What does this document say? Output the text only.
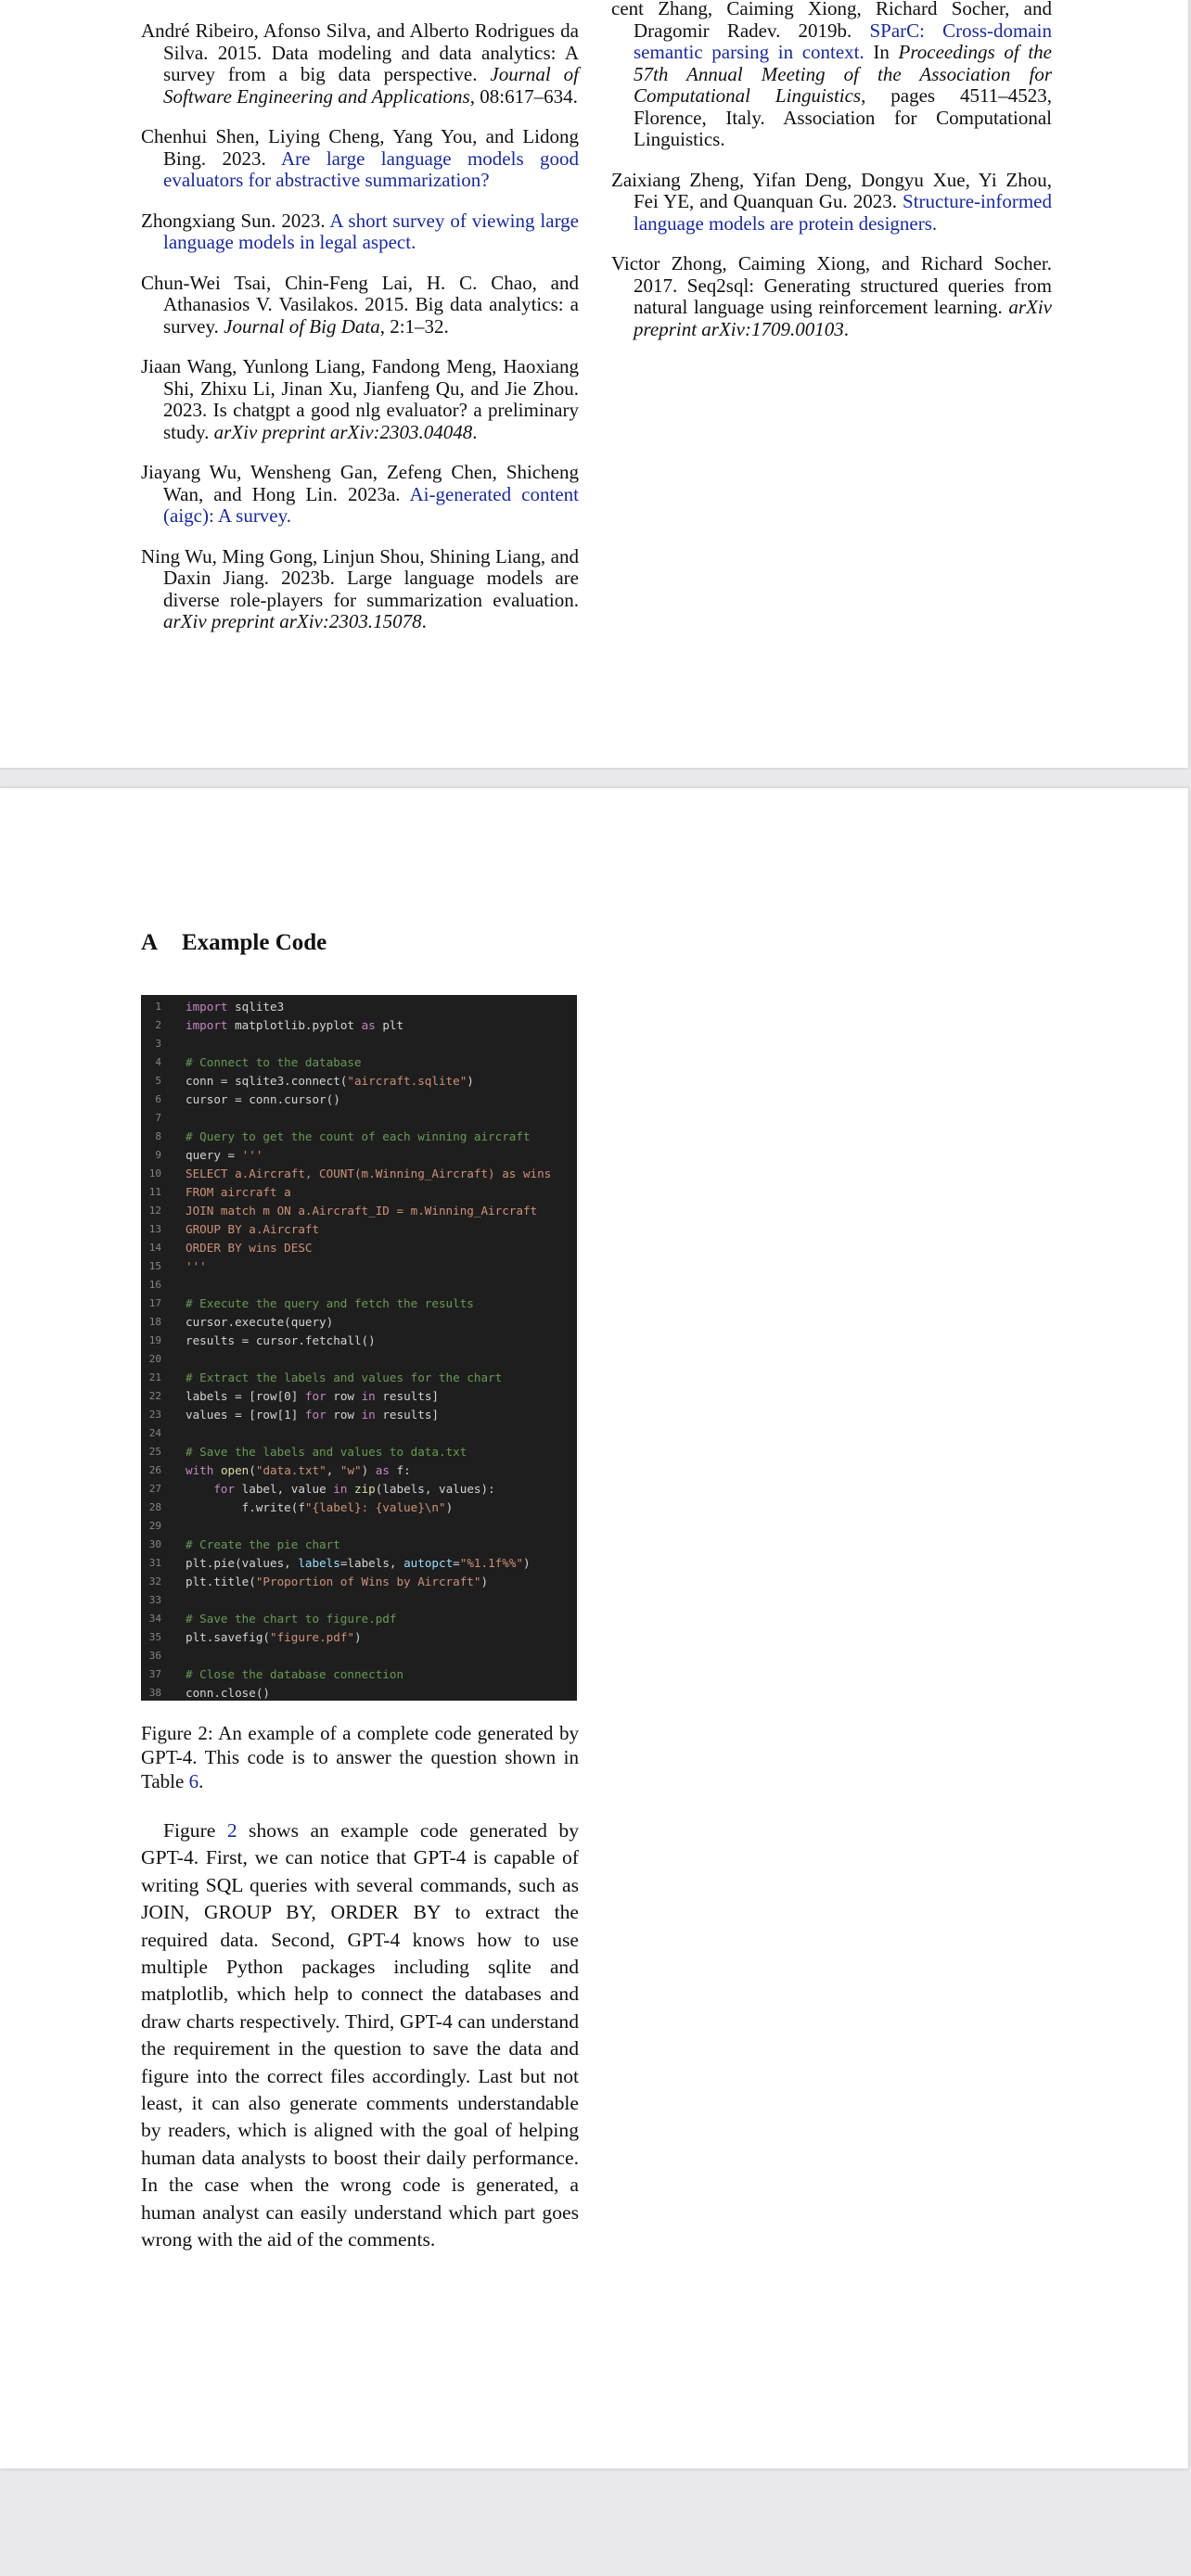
André Ribeiro, Afonso Silva, and Alberto Rodrigues da Silva. 2015. Data modeling and data analytics: A survey from a big data perspective. Journal of Software Engineering and Applications, 08:617–634.

Chenhui Shen, Liying Cheng, Yang You, and Lidong Bing. 2023. Are large language models good evaluators for abstractive summarization?

Zhongxiang Sun. 2023. A short survey of viewing large language models in legal aspect.

Chun-Wei Tsai, Chin-Feng Lai, H. C. Chao, and Athanasios V. Vasilakos. 2015. Big data analytics: a survey. Journal of Big Data, 2:1–32.

Jiaan Wang, Yunlong Liang, Fandong Meng, Haoxiang Shi, Zhixu Li, Jinan Xu, Jianfeng Qu, and Jie Zhou. 2023. Is chatgpt a good nlg evaluator? a preliminary study. arXiv preprint arXiv:2303.04048.

Jiayang Wu, Wensheng Gan, Zefeng Chen, Shicheng Wan, and Hong Lin. 2023a. Ai-generated content (aigc): A survey.

Ning Wu, Ming Gong, Linjun Shou, Shining Liang, and Daxin Jiang. 2023b. Large language models are diverse role-players for summarization evaluation. arXiv preprint arXiv:2303.15078.

cent Zhang, Caiming Xiong, Richard Socher, and Dragomir Radev. 2019b. SParC: Cross-domain semantic parsing in context. In Proceedings of the 57th Annual Meeting of the Association for Computational Linguistics, pages 4511–4523, Florence, Italy. Association for Computational Linguistics.

Zaixiang Zheng, Yifan Deng, Dongyu Xue, Yi Zhou, Fei YE, and Quanquan Gu. 2023. Structure-informed language models are protein designers.

Victor Zhong, Caiming Xiong, and Richard Socher. 2017. Seq2sql: Generating structured queries from natural language using reinforcement learning. arXiv preprint arXiv:1709.00103.

A Example Code
1 import sqlite3
2 import matplotlib.pyplot as plt
3
4 # Connect to the database
5 conn = sqlite3.connect("aircraft.sqlite")
6 cursor = conn.cursor()
7
8 # Query to get the count of each winning aircraft
9 query = '''
10 SELECT a.Aircraft, COUNT(m.Winning_Aircraft) as wins
11 FROM aircraft a
12 JOIN match m ON a.Aircraft_ID = m.Winning_Aircraft
13 GROUP BY a.Aircraft
14 ORDER BY wins DESC
15 '''
16
17 # Execute the query and fetch the results
18 cursor.execute(query)
19 results = cursor.fetchall()
20
21 # Extract the labels and values for the chart
22 labels = [row[0] for row in results]
23 values = [row[1] for row in results]
24
25 # Save the labels and values to data.txt
26 with open("data.txt", "w") as f:
27	for label, value in zip(labels, values):
28 f.write(f"{label}: {value}\n")
29
30 # Create the pie chart
31 plt.pie(values, labels=labels, autopct="%1.1f%%")
32 plt.title("Proportion of Wins by Aircraft")
33
34 # Save the chart to figure.pdf
35 plt.savefig("figure.pdf")
36
37 # Close the database connection
38 conn.close()
Figure 2: An example of a complete code generated by GPT-4. This code is to answer the question shown in Table 6.
Figure 2 shows an example code generated by GPT-4. First, we can notice that GPT-4 is capable of writing SQL queries with several commands, such as JOIN, GROUP BY, ORDER BY to extract the required data. Second, GPT-4 knows how to use multiple Python packages including sqlite and matplotlib, which help to connect the databases and draw charts respectively. Third, GPT-4 can understand the requirement in the question to save the data and figure into the correct files accordingly. Last but not least, it can also generate comments understandable by readers, which is aligned with the goal of helping human data analysts to boost their daily performance. In the case when the wrong code is generated, a human analyst can easily understand which part goes wrong with the aid of the comments.
